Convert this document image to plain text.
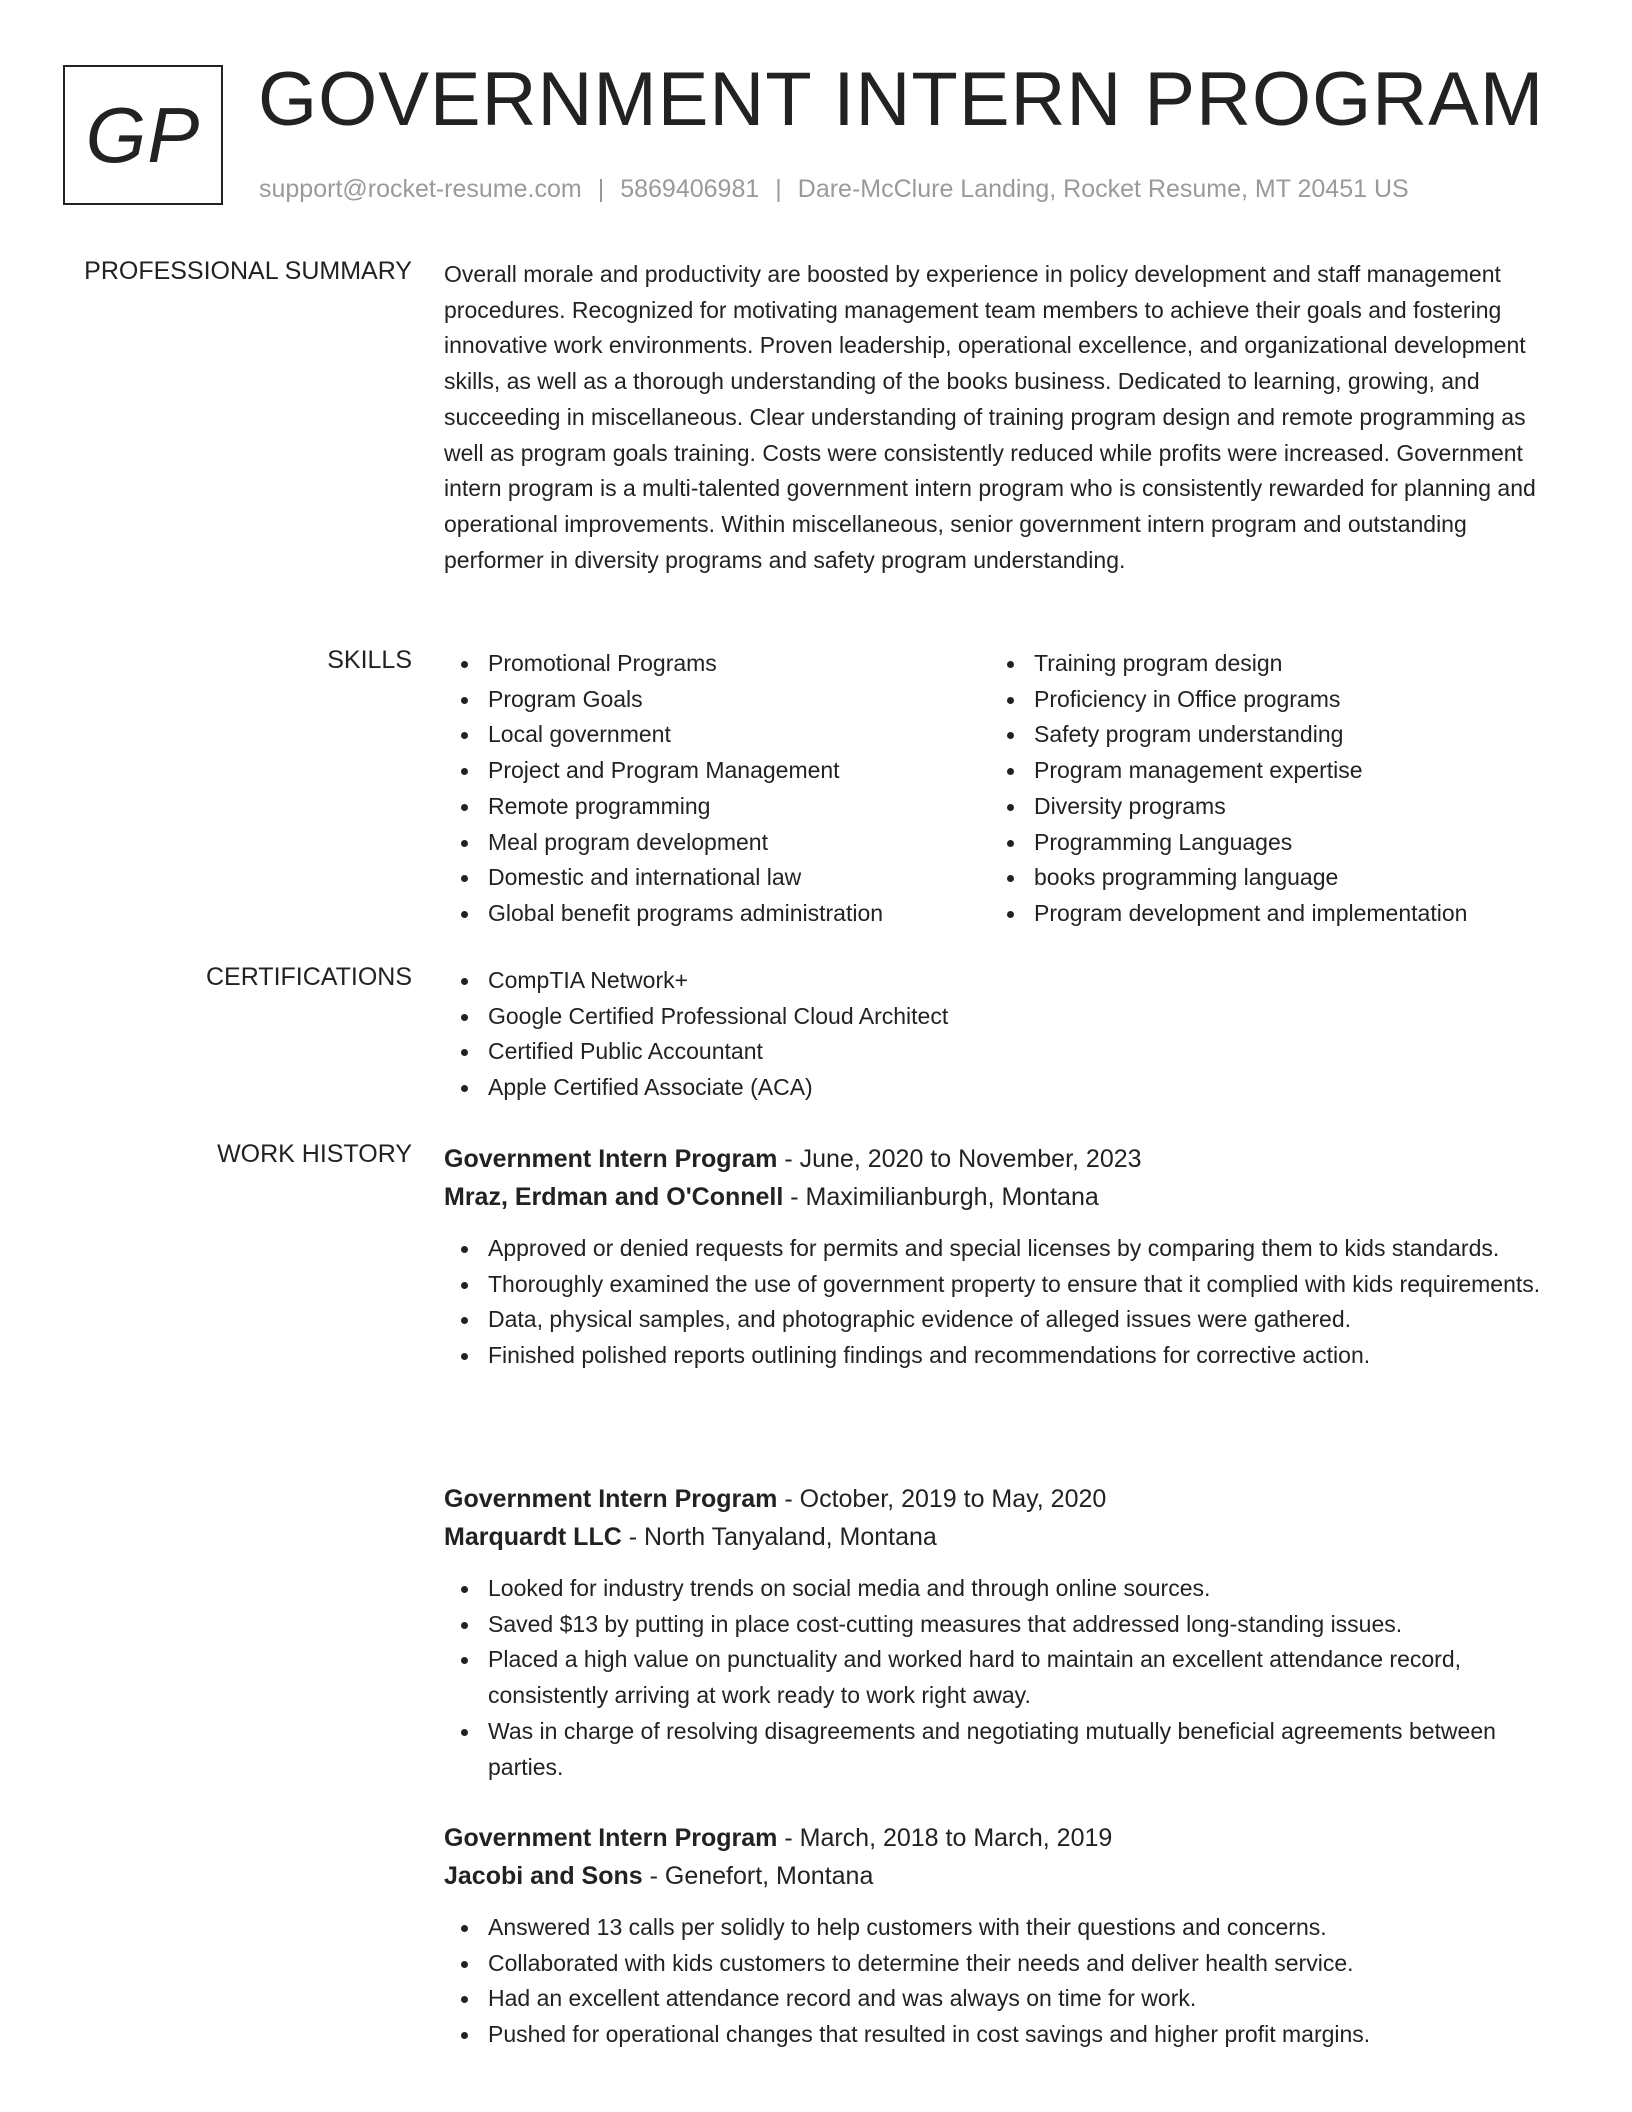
GP GOVERNMENT INTERN PROGRAM
support@rocket-resume.com | 5869406981 | Dare-McClure Landing, Rocket Resume, MT 20451 US
PROFESSIONAL SUMMARY Overall morale and productivity are boosted by experience in policy development and staff management procedures. Recognized for motivating management team members to achieve their goals and fostering innovative work environments. Proven leadership, operational excellence, and organizational development skills, as well as a thorough understanding of the books business. Dedicated to learning, growing, and succeeding in miscellaneous. Clear understanding of training program design and remote programming as well as program goals training. Costs were consistently reduced while profits were increased. Government intern program is a multi-talented government intern program who is consistently rewarded for planning and operational improvements. Within miscellaneous, senior government intern program and outstanding performer in diversity programs and safety program understanding.

SKILLS	Promotional Programs
Program Goals
Local government
Project and Program Management
Remote programming
Meal program development
Domestic and international law
Global benefit programs administration
Training program design
Proficiency in Office programs
Safety program understanding
Program management expertise
Diversity programs
Programming Languages
books programming language
Program development and implementation
CERTIFICATIONS	CompTIA Network+
Google Certified Professional Cloud Architect
Certified Public Accountant
Apple Certified Associate (ACA)
WORK HISTORY Government Intern Program - June, 2020 to November, 2023
Mraz, Erdman and O'Connell - Maximilianburgh, Montana
Approved or denied requests for permits and special licenses by comparing them to kids standards.
Thoroughly examined the use of government property to ensure that it complied with kids requirements.
Data, physical samples, and photographic evidence of alleged issues were gathered.
Finished polished reports outlining findings and recommendations for corrective action.
Government Intern Program - October, 2019 to May, 2020
Marquardt LLC - North Tanyaland, Montana
Looked for industry trends on social media and through online sources.
Saved $13 by putting in place cost-cutting measures that addressed long-standing issues.
Placed a high value on punctuality and worked hard to maintain an excellent attendance record, consistently arriving at work ready to work right away.
Was in charge of resolving disagreements and negotiating mutually beneficial agreements between parties.
Government Intern Program - March, 2018 to March, 2019
Jacobi and Sons - Genefort, Montana
Answered 13 calls per solidly to help customers with their questions and concerns.
Collaborated with kids customers to determine their needs and deliver health service.
Had an excellent attendance record and was always on time for work.
Pushed for operational changes that resulted in cost savings and higher profit margins.
